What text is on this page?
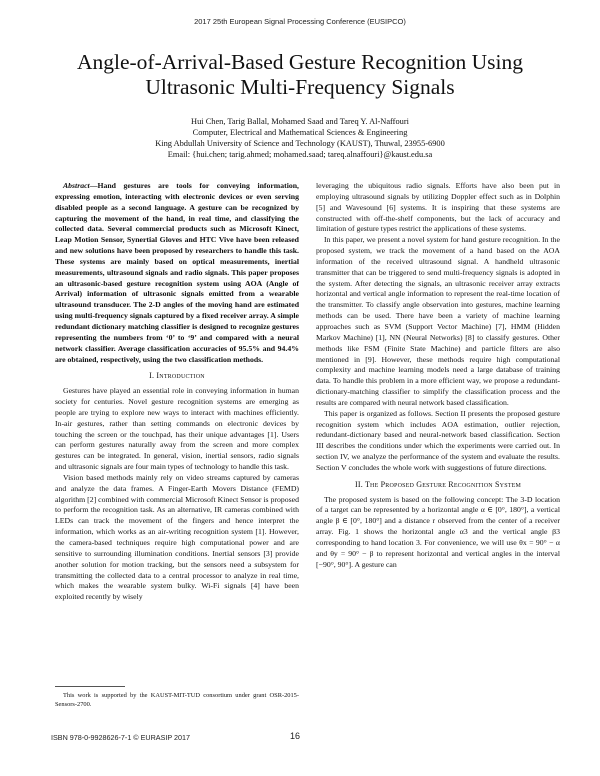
2017 25th European Signal Processing Conference (EUSIPCO)
Angle-of-Arrival-Based Gesture Recognition Using
Ultrasonic Multi-Frequency Signals
Hui Chen, Tarig Ballal, Mohamed Saad and Tareq Y. Al-Naffouri
Computer, Electrical and Mathematical Sciences & Engineering
King Abdullah University of Science and Technology (KAUST), Thuwal, 23955-6900
Email: {hui.chen; tarig.ahmed; mohamed.saad; tareq.alnaffouri}@kaust.edu.sa

Abstract—Hand gestures are tools for conveying information, expressing emotion, interacting with electronic devices or even serving disabled people as a second language. A gesture can be recognized by capturing the movement of the hand, in real time, and classifying the collected data. Several commercial products such as Microsoft Kinect, Leap Motion Sensor, Synertial Gloves and HTC Vive have been released and new solutions have been proposed by researchers to handle this task. These systems are mainly based on optical measurements, inertial measurements, ultrasound signals and radio signals. This paper proposes an ultrasonic-based gesture recognition system using AOA (Angle of Arrival) information of ultrasonic signals emitted from a wearable ultrasound transducer. The 2-D angles of the moving hand are estimated using multi-frequency signals captured by a fixed receiver array. A simple redundant dictionary matching classifier is designed to recognize gestures representing the numbers from ‘0’ to ‘9’ and compared with a neural network classifier. Average classification accuracies of 95.5% and 94.4% are obtained, respectively, using the two classification methods.

I. Introduction

Gestures have played an essential role in conveying information in human society for centuries. Novel gesture recognition systems are emerging as people are trying to explore new ways to interact with machines efficiently. In-air gestures, rather than setting commands on electronic devices by touching the screen or the touchpad, has their unique advantages [1]. Users can perform gestures naturally away from the screen and more complex gestures can be integrated. In general, vision, inertial sensors, radio signals and ultrasonic signals are four main types of technology to handle this task.

Vision based methods mainly rely on video streams captured by cameras and analyze the data frames. A Finger-Earth Movers Distance (FEMD) algorithm [2] combined with commercial Microsoft Kinect Sensor is proposed to perform the recognition task. As an alternative, IR cameras combined with LEDs can track the movement of the fingers and hence interpret the information, which works as an air-writing recognition system [1]. However, the camera-based techniques require high computational power and are sensitive to surrounding illumination conditions. Inertial sensors [3] provide another solution for motion tracking, but the sensors need a subsystem for transmitting the collected data to a central processor to analyze in real time, which makes the wearable system bulky. Wi-Fi signals [4] have been exploited recently by wisely

leveraging the ubiquitous radio signals. Efforts have also been put in employing ultrasound signals by utilizing Doppler effect such as in Dolphin [5] and Wavesound [6] systems. It is inspiring that these systems are constructed with off-the-shelf components, but the lack of accuracy and limitation of gesture types restrict the applications of these systems.

In this paper, we present a novel system for hand gesture recognition. In the proposed system, we track the movement of a hand based on the AOA information of the received ultrasound signal. A handheld ultrasonic transmitter that can be triggered to send multi-frequency signals is adopted in the system. After detecting the signals, an ultrasonic receiver array extracts horizontal and vertical angle information to represent the real-time location of the transmitter. To classify angle observation into gestures, machine learning methods can be used. There have been a variety of machine learning approaches such as SVM (Support Vector Machine) [7], HMM (Hidden Markov Machine) [1], NN (Neural Networks) [8] to classify gestures. Other methods like FSM (Finite State Machine) and particle filters are also mentioned in [9]. However, these methods require high computational complexity and machine learning models need a large database of training data. To handle this problem in a more efficient way, we propose a redundant-dictionary-matching classifier to simplify the classification process and the results are compared with neural network based classification.

This paper is organized as follows. Section II presents the proposed gesture recognition system which includes AOA estimation, outlier rejection, redundant-dictionary based and neural-network based classification. Section III describes the conditions under which the experiments were carried out. In section IV, we analyze the performance of the system and evaluate the results. Section V concludes the whole work with suggestions of future directions.

II. The Proposed Gesture Recognition System

The proposed system is based on the following concept: The 3-D location of a target can be represented by a horizontal angle α ∈ [0°, 180°], a vertical angle β ∈ [0°, 180°] and a distance r observed from the center of a receiver array. Fig. 1 shows the horizontal angle α3 and the vertical angle β3 corresponding to hand location 3. For convenience, we will use θx = 90° − α and θy = 90° − β to represent horizontal and vertical angles in the interval [−90°, 90°]. A gesture can

This work is supported by the KAUST-MIT-TUD consortium under grant OSR-2015-Sensors-2700.
ISBN 978-0-9928626-7-1 © EURASIP 2017	16
